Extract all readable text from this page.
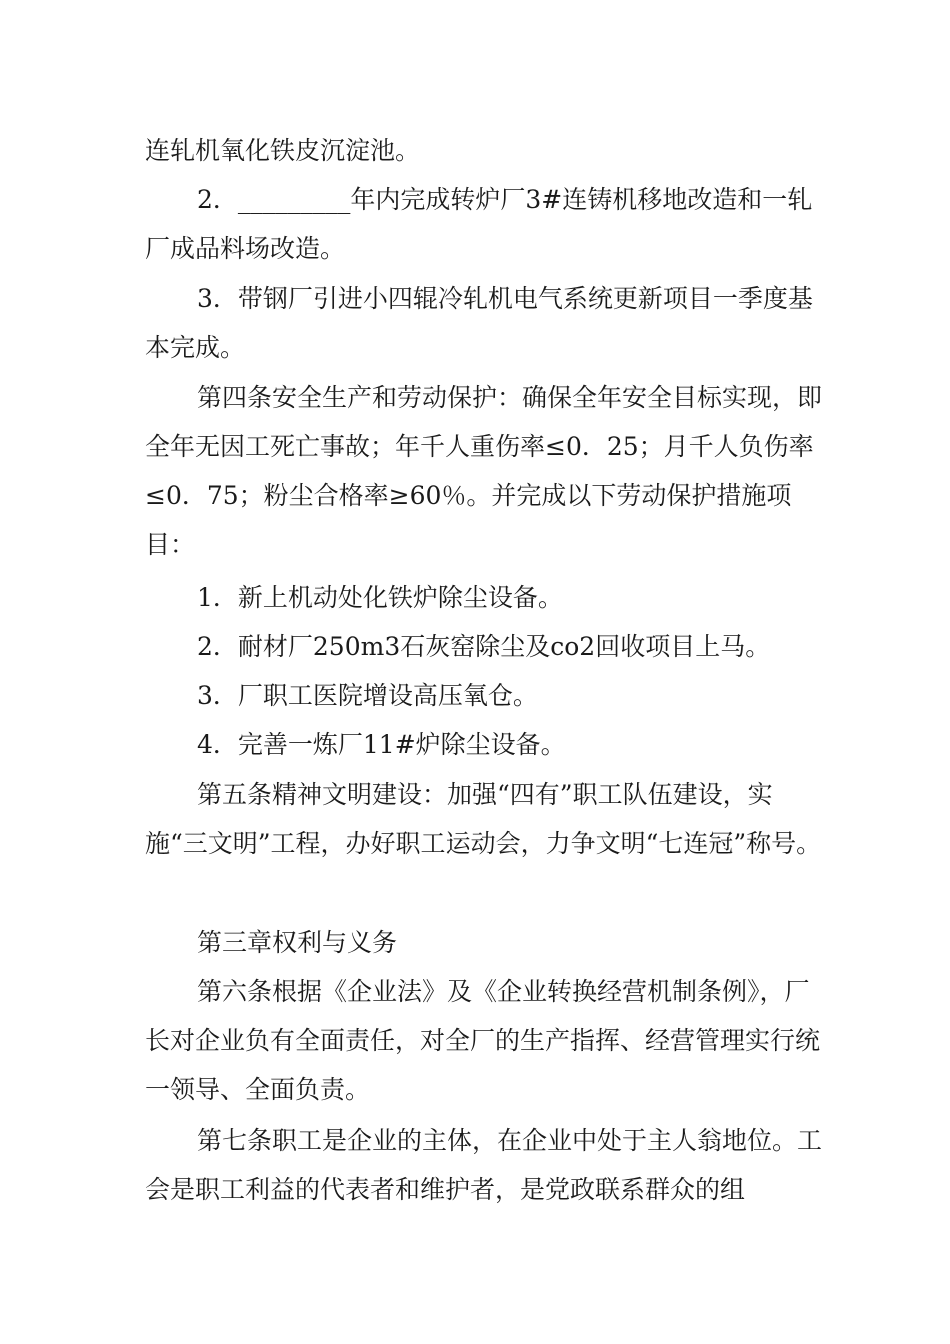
连轧机氧化铁皮沉淀池。

2．_________年内完成转炉厂3#连铸机移地改造和一轧厂成品料场改造。

3．带钢厂引进小四辊冷轧机电气系统更新项目一季度基本完成。

第四条安全生产和劳动保护：确保全年安全目标实现，即全年无因工死亡事故；年千人重伤率≤0．25；月千人负伤率≤0．75；粉尘合格率≥60％。并完成以下劳动保护措施项目：

1．新上机动处化铁炉除尘设备。

2．耐材厂250m3石灰窑除尘及co2回收项目上马。

3．厂职工医院增设高压氧仓。

4．完善一炼厂11#炉除尘设备。

第五条精神文明建设：加强“四有”职工队伍建设，实施“三文明”工程，办好职工运动会，力争文明“七连冠”称号。

第三章权利与义务

第六条根据《企业法》及《企业转换经营机制条例》，厂长对企业负有全面责任，对全厂的生产指挥、经营管理实行统一领导、全面负责。

第七条职工是企业的主体，在企业中处于主人翁地位。工会是职工利益的代表者和维护者，是党政联系群众的组
